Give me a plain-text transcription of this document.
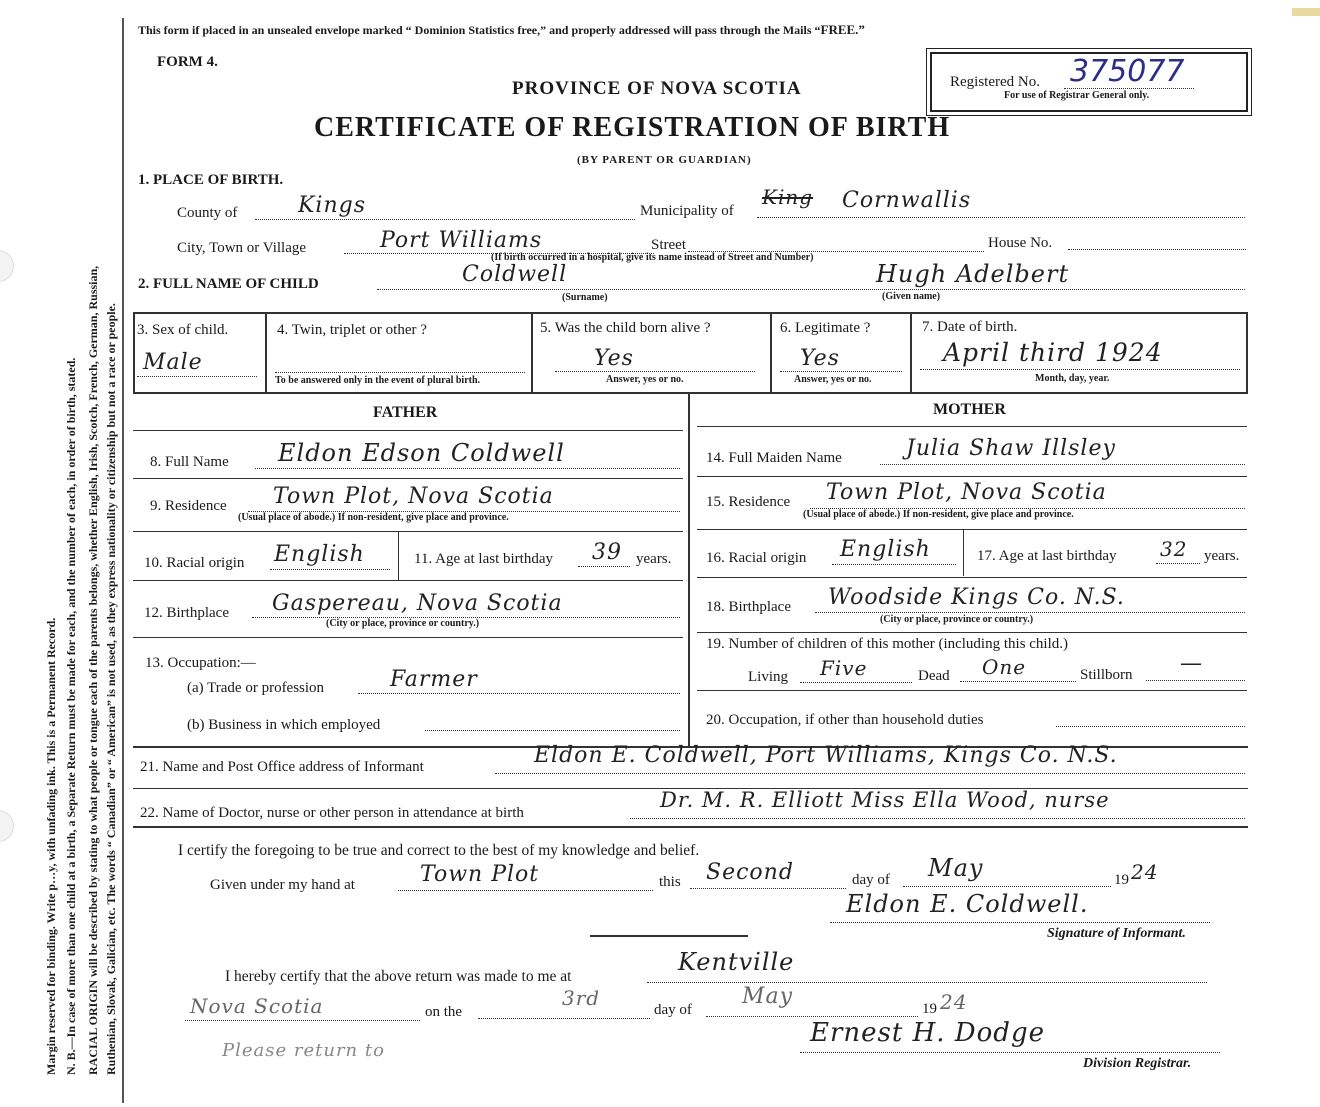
Margin reserved for binding. Write p…y, with unfading ink. This is a Permanent Record. N. B.—In case of more than one child at a birth, a Separate Return must be made for each, and the number of each, in order of birth, stated. RACIAL ORIGIN will be described by stating to what people or tongue each of the parents belongs, whether English, Irish, Scotch, French, German, Russian, Ruthenian, Slovak, Galician, etc. The words “ Canadian” or “ American” is not used, as they express nationality or citizenship but not a race or people.
This form if placed in an unsealed envelope marked “ Dominion Statistics free,” and properly addressed will pass through the Mails “FREE.”
FORM 4.
PROVINCE OF NOVA SCOTIA
CERTIFICATE OF REGISTRATION OF BIRTH
(BY PARENT OR GUARDIAN)
Registered No. 375077
For use of Registrar General only.
1. PLACE OF BIRTH.
County of	Kings	Municipality of
King Cornwallis
City, Town or Village	Port Williams	Street	House No.
(If birth occurred in a hospital, give its name instead of Street and Number)
2. FULL NAME OF CHILD	Coldwell	Hugh Adelbert
(Surname)	(Given name)
3. Sex of child.
Male
4. Twin, triplet or other ?
To be answered only in the event of plural birth.
5. Was the child born alive ?
Yes
Answer, yes or no.
6. Legitimate ?
Yes
Answer, yes or no.
7. Date of birth.
April third 1924
Month, day, year.
FATHER	MOTHER
8. Full Name Eldon Edson Coldwell
9. Residence Town Plot, Nova Scotia
(Usual place of abode.) If non-resident, give place and province.
10. Racial origin English	11. Age at last birthday 39 years.
12. Birthplace Gaspereau, Nova Scotia
(City or place, province or country.)
13. Occupation:—
(a) Trade or profession	Farmer
(b) Business in which employed
14. Full Maiden Name	Julia Shaw Illsley
15. Residence Town Plot, Nova Scotia
(Usual place of abode.) If non-resident, give place and province.
16. Racial origin English	17. Age at last birthday 32 years.
18. Birthplace Woodside Kings Co. N.S.
(City or place, province or country.)
19. Number of children of this mother (including this child.)
Living Five	Dead One	Stillborn —
20. Occupation, if other than household duties
21. Name and Post Office address of Informant	Eldon E. Coldwell, Port Williams, Kings Co. N.S.
22. Name of Doctor, nurse or other person in attendance at birth
Dr. M. R. Elliott Miss Ella Wood, nurse
I certify the foregoing to be true and correct to the best of my knowledge and belief.
Given under my hand at	Town Plot	this Second	day of May	19 24
Eldon E. Coldwell.
Signature of Informant.
I hereby certify that the above return was made to me at
Kentville
Nova Scotia	on the
3rd	day of
May	19 24
Ernest H. Dodge
Division Registrar.
Please return to
